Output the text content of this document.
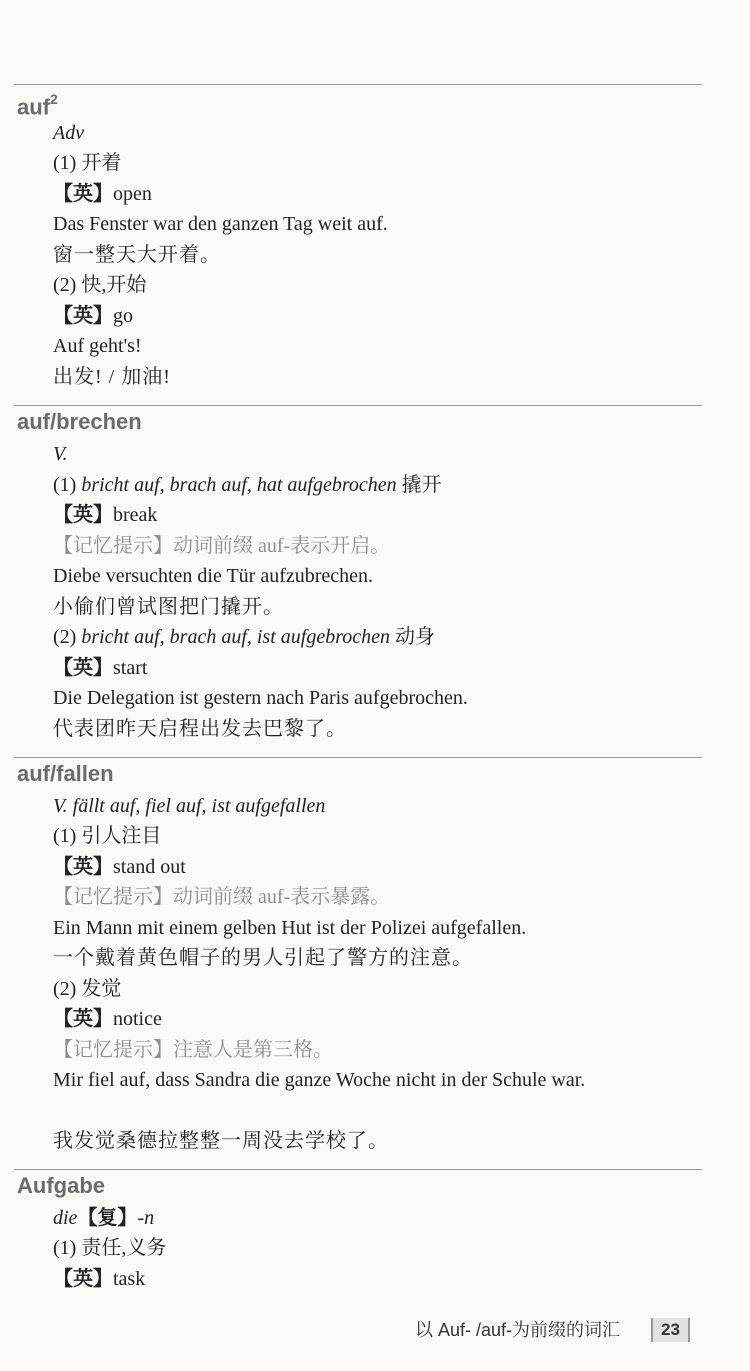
auf$^2$
Adv
(1) 开着
【英】open
Das Fenster war den ganzen Tag weit auf.
窗一整天大开着。
(2) 快,开始
【英】go
Auf geht's!
出发! / 加油!
auf/brechen
V.
(1) bricht auf, brach auf, hat aufgebrochen 撬开
【英】break
【记忆提示】动词前缀 auf-表示开启。
Diebe versuchten die Tür aufzubrechen.
小偷们曾试图把门撬开。
(2) bricht auf, brach auf, ist aufgebrochen 动身
【英】start
Die Delegation ist gestern nach Paris aufgebrochen.
代表团昨天启程出发去巴黎了。
auf/fallen
V. fällt auf, fiel auf, ist aufgefallen
(1) 引人注目
【英】stand out
【记忆提示】动词前缀 auf-表示暴露。
Ein Mann mit einem gelben Hut ist der Polizei aufgefallen.
一个戴着黄色帽子的男人引起了警方的注意。
(2) 发觉
【英】notice
【记忆提示】注意人是第三格。
Mir fiel auf, dass Sandra die ganze Woche nicht in der Schule war.
我发觉桑德拉整整一周没去学校了。
Aufgabe
die【复】-n
(1) 责任,义务
【英】task
以 Auf- /auf-为前缀的词汇	23
